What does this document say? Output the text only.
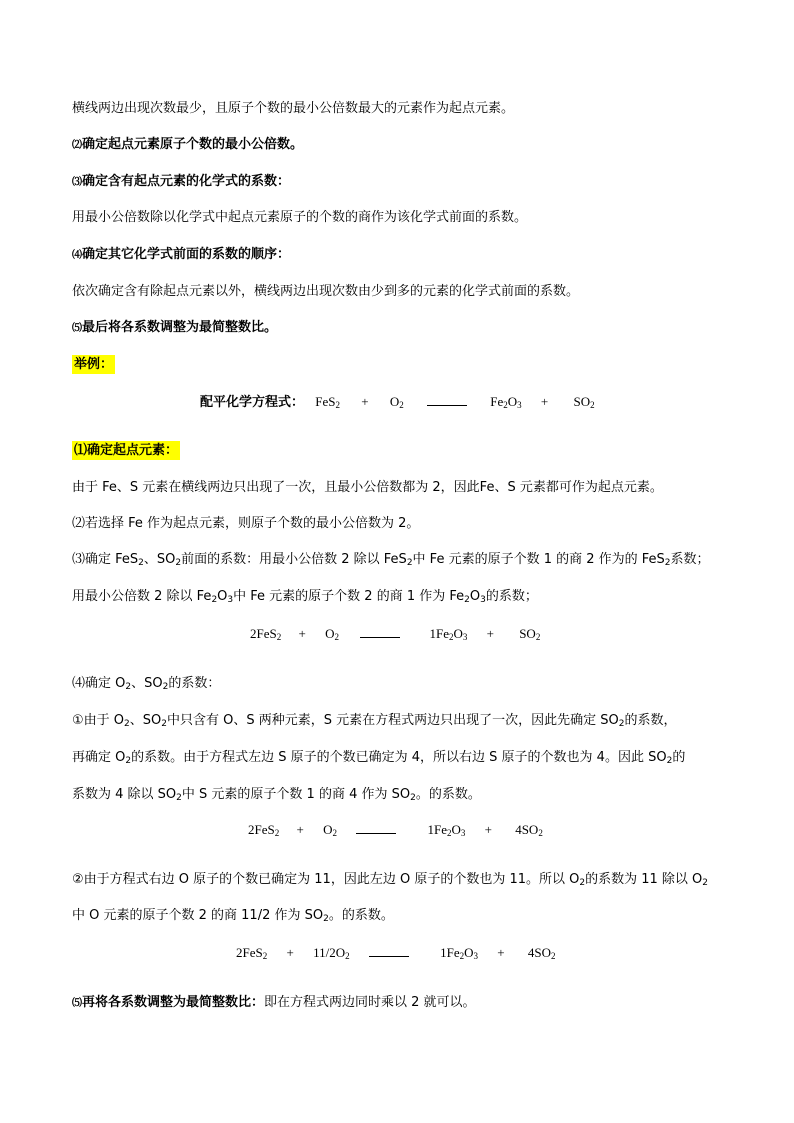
横线两边出现次数最少，且原子个数的最小公倍数最大的元素作为起点元素。
⑵确定起点元素原子个数的最小公倍数。
⑶确定含有起点元素的化学式的系数：
用最小公倍数除以化学式中起点元素原子的个数的商作为该化学式前面的系数。
⑷确定其它化学式前面的系数的顺序：
依次确定含有除起点元素以外，横线两边出现次数由少到多的元素的化学式前面的系数。
⑸最后将各系数调整为最简整数比。
举例：
配平化学方程式： $FeS_2 + O_2$	$Fe_2O_3 + SO_2$
⑴确定起点元素：
由于 Fe、S 元素在横线两边只出现了一次，且最小公倍数都为 2，因此Fe、S 元素都可作为起点元素。
⑵若选择 Fe 作为起点元素，则原子个数的最小公倍数为 2。
⑶确定 FeS$_2$、$SO_2$前面的系数：用最小公倍数 2 除以 FeS$_2$中 Fe 元素的原子个数 1 的商 2 作为的 FeS$_2$系数；
用最小公倍数 2 除以 $Fe_2O_3$中 Fe 元素的原子个数 2 的商 1 作为 $Fe_2O_3$的系数；
$2FeS_2 + O_2$	$1Fe_2O_3 + SO_2$
⑷确定 $O_2$、$SO_2$的系数：
①由于 $O_2$、$SO_2$中只含有 O、S 两种元素，S 元素在方程式两边只出现了一次，因此先确定 $SO_2$的系数，
再确定 $O_2$的系数。由于方程式左边 S 原子的个数已确定为 4，所以右边 S 原子的个数也为 4。因此 $SO_2$的
系数为 4 除以 $SO_2$中 S 元素的原子个数 1 的商 4 作为 $SO_2$。的系数。
$2FeS_2 + O_2$	$1Fe_2O_3 + 4SO_2$
②由于方程式右边 O 原子的个数已确定为 11，因此左边 O 原子的个数也为 11。所以 $O_2$的系数为 11 除以 $O_2$
中 O 元素的原子个数 2 的商 11/2 作为 $SO_2$。的系数。
$2FeS_2 + 11/2O_2$	$1Fe_2O_3 + 4SO_2$
⑸再将各系数调整为最简整数比：即在方程式两边同时乘以 2 就可以。
